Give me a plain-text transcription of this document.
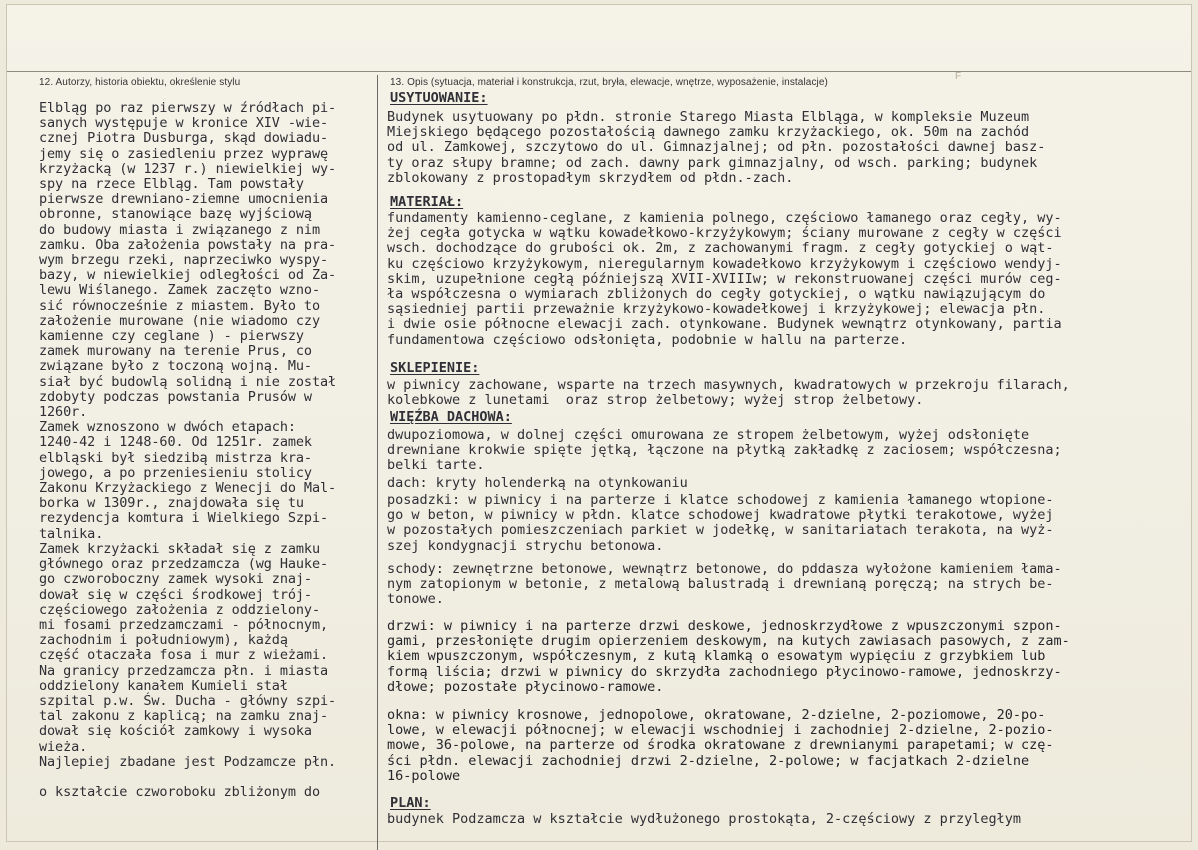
12. Autorzy, historia obiektu, określenie stylu	13. Opis (sytuacja, materiał i konstrukcja, rzut, bryła, elewacje, wnętrze, wyposażenie, instalacje)
F
Elbląg po raz pierwszy w źródłach pi-
sanych występuje w kronice XIV -wie-
cznej Piotra Dusburga, skąd dowiadu-
jemy się o zasiedleniu przez wyprawę
krzyżacką (w 1237 r.) niewielkiej wy-
spy na rzece Elbląg. Tam powstały
pierwsze drewniano-ziemne umocnienia
obronne, stanowiące bazę wyjściową
do budowy miasta i związanego z nim
zamku. Oba założenia powstały na pra-
wym brzegu rzeki, naprzeciwko wyspy-
bazy, w niewielkiej odległości od Za-
lewu Wiślanego. Zamek zaczęto wzno-
sić równocześnie z miastem. Było to
założenie murowane (nie wiadomo czy
kamienne czy ceglane ) - pierwszy
zamek murowany na terenie Prus, co
związane było z toczoną wojną. Mu-
siał być budowlą solidną i nie został
zdobyty podczas powstania Prusów w
1260r.
Zamek wznoszono w dwóch etapach:
1240-42 i 1248-60. Od 1251r. zamek
elbląski był siedzibą mistrza kra-
jowego, a po przeniesieniu stolicy
Zakonu Krzyżackiego z Wenecji do Mal-
borka w 1309r., znajdowała się tu
rezydencja komtura i Wielkiego Szpi-
talnika.
Zamek krzyżacki składał się z zamku
głównego oraz przedzamcza (wg Hauke-
go czworoboczny zamek wysoki znaj-
dował się w części środkowej trój-
częściowego założenia z oddzielony-
mi fosami przedzamczami - północnym,
zachodnim i południowym), każdą
część otaczała fosa i mur z wieżami.
Na granicy przedzamcza płn. i miasta
oddzielony kanałem Kumieli stał
szpital p.w. Św. Ducha - główny szpi-
tal zakonu z kaplicą; na zamku znaj-
dował się kościół zamkowy i wysoka
wieża.
Najlepiej zbadane jest Podzamcze płn.

o kształcie czworoboku zbliżonym do
USYTUOWANIE:
Budynek usytuowany po płdn. stronie Starego Miasta Elbląga, w kompleksie Muzeum
Miejskiego będącego pozostałością dawnego zamku krzyżackiego, ok. 50m na zachód
od ul. Zamkowej, szczytowo do ul. Gimnazjalnej; od płn. pozostałości dawnej basz-
ty oraz słupy bramne; od zach. dawny park gimnazjalny, od wsch. parking; budynek
zblokowany z prostopadłym skrzydłem od płdn.-zach.
MATERIAŁ:
fundamenty kamienno-ceglane, z kamienia polnego, częściowo łamanego oraz cegły, wy-
żej cegła gotycka w wątku kowadełkowo-krzyżykowym; ściany murowane z cegły w części
wsch. dochodzące do grubości ok. 2m, z zachowanymi fragm. z cegły gotyckiej o wąt-
ku częściowo krzyżykowym, nieregularnym kowadełkowo krzyżykowym i częściowo wendyj-
skim, uzupełnione cegłą późniejszą XVII-XVIIIw; w rekonstruowanej części murów ceg-
ła współczesna o wymiarach zbliżonych do cegły gotyckiej, o wątku nawiązującym do
sąsiedniej partii przeważnie krzyżykowo-kowadełkowej i krzyżykowej; elewacja płn.
i dwie osie północne elewacji zach. otynkowane. Budynek wewnątrz otynkowany, partia
fundamentowa częściowo odsłonięta, podobnie w hallu na parterze.
SKLEPIENIE:
w piwnicy zachowane, wsparte na trzech masywnych, kwadratowych w przekroju filarach,
kolebkowe z lunetami  oraz strop żelbetowy; wyżej strop żelbetowy.
WIĘŹBA DACHOWA:
dwupoziomowa, w dolnej części omurowana ze stropem żelbetowym, wyżej odsłonięte
drewniane krokwie spięte jętką, łączone na płytką zakładkę z zaciosem; współczesna;
belki tarte.
dach: kryty holenderką na otynkowaniu
posadzki: w piwnicy i na parterze i klatce schodowej z kamienia łamanego wtopione-
go w beton, w piwnicy w płdn. klatce schodowej kwadratowe płytki terakotowe, wyżej
w pozostałych pomieszczeniach parkiet w jodełkę, w sanitariatach terakota, na wyż-
szej kondygnacji strychu betonowa.
schody: zewnętrzne betonowe, wewnątrz betonowe, do pddasza wyłożone kamieniem łama-
nym zatopionym w betonie, z metalową balustradą i drewnianą poręczą; na strych be-
tonowe.
drzwi: w piwnicy i na parterze drzwi deskowe, jednoskrzydłowe z wpuszczonymi szpon-
gami, przesłonięte drugim opierzeniem deskowym, na kutych zawiasach pasowych, z zam-
kiem wpuszczonym, współczesnym, z kutą klamką o esowatym wypięciu z grzybkiem lub
formą liścia; drzwi w piwnicy do skrzydła zachodniego płycinowo-ramowe, jednoskrzy-
dłowe; pozostałe płycinowo-ramowe.
okna: w piwnicy krosnowe, jednopolowe, okratowane, 2-dzielne, 2-poziomowe, 20-po-
lowe, w elewacji północnej; w elewacji wschodniej i zachodniej 2-dzielne, 2-pozio-
mowe, 36-polowe, na parterze od środka okratowane z drewnianymi parapetami; w czę-
ści płdn. elewacji zachodniej drzwi 2-dzielne, 2-polowe; w facjatkach 2-dzielne
16-polowe
PLAN:
budynek Podzamcza w kształcie wydłużonego prostokąta, 2-częściowy z przyległym
